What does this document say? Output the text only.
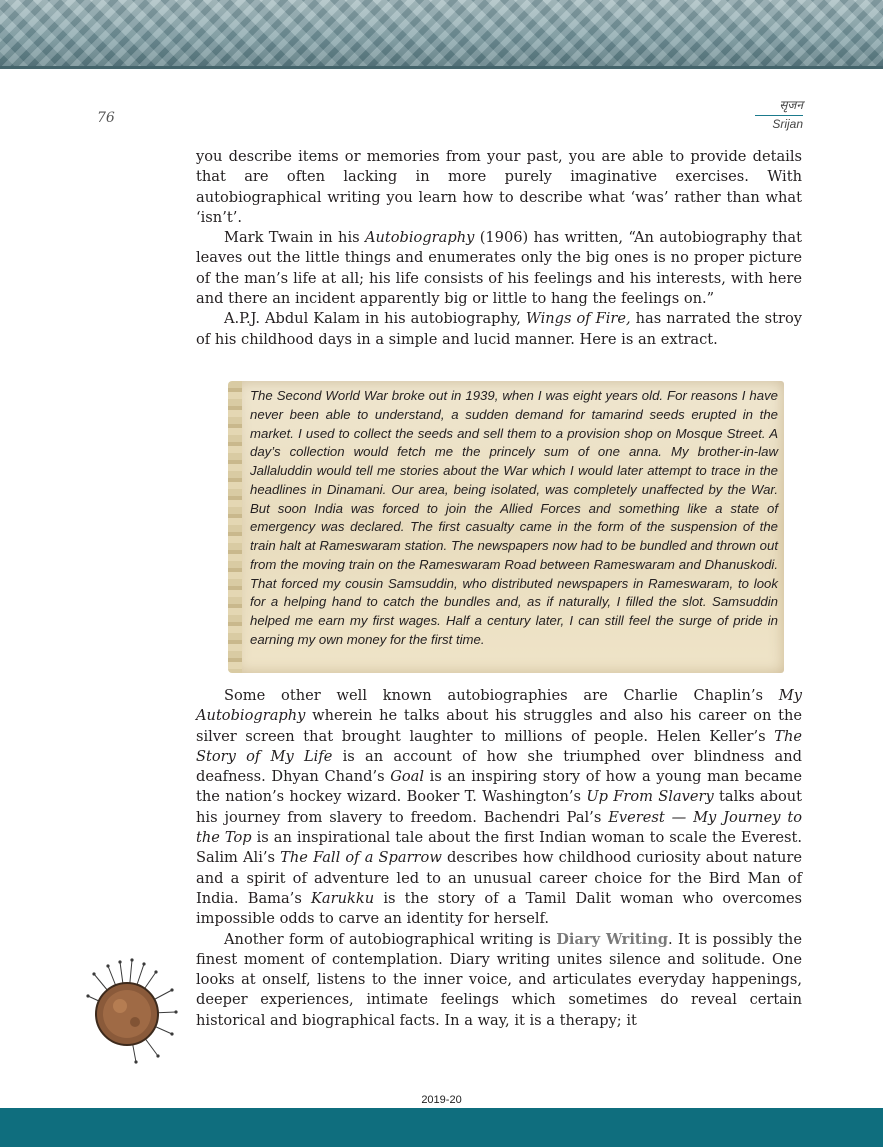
76
सृजन
Srijan

you describe items or memories from your past, you are able to provide details that are often lacking in more purely imaginative exercises. With autobiographical writing you learn how to describe what ‘was’ rather than what ‘isn’t’.

Mark Twain in his Autobiography (1906) has written, “An autobiography that leaves out the little things and enumerates only the big ones is no proper picture of the man’s life at all; his life consists of his feelings and his interests, with here and there an incident apparently big or little to hang the feelings on.”

A.P.J. Abdul Kalam in his autobiography, Wings of Fire, has narrated the stroy of his childhood days in a simple and lucid manner. Here is an extract.

The Second World War broke out in 1939, when I was eight years old. For reasons I have never been able to understand, a sudden demand for tamarind seeds erupted in the market. I used to collect the seeds and sell them to a provision shop on Mosque Street. A day’s collection would fetch me the princely sum of one anna. My brother-in-law Jallaluddin would tell me stories about the War which I would later attempt to trace in the headlines in Dinamani. Our area, being isolated, was completely unaffected by the War. But soon India was forced to join the Allied Forces and something like a state of emergency was declared. The first casualty came in the form of the suspension of the train halt at Rameswaram station. The newspapers now had to be bundled and thrown out from the moving train on the Rameswaram Road between Rameswaram and Dhanuskodi. That forced my cousin Samsuddin, who distributed newspapers in Rameswaram, to look for a helping hand to catch the bundles and, as if naturally, I filled the slot. Samsuddin helped me earn my first wages. Half a century later, I can still feel the surge of pride in earning my own money for the first time.

Some other well known autobiographies are Charlie Chaplin’s My Autobiography wherein he talks about his struggles and also his career on the silver screen that brought laughter to millions of people. Helen Keller’s The Story of My Life is an account of how she triumphed over blindness and deafness. Dhyan Chand’s Goal is an inspiring story of how a young man became the nation’s hockey wizard. Booker T. Washington’s Up From Slavery talks about his journey from slavery to freedom. Bachendri Pal’s Everest — My Journey to the Top is an inspirational tale about the first Indian woman to scale the Everest. Salim Ali’s The Fall of a Sparrow describes how childhood curiosity about nature and a spirit of adventure led to an unusual career choice for the Bird Man of India. Bama’s Karukku is the story of a Tamil Dalit woman who overcomes impossible odds to carve an identity for herself.

Another form of autobiographical writing is Diary Writing. It is possibly the finest moment of contemplation. Diary writing unites silence and solitude. One looks at onself, listens to the inner voice, and articulates everyday happenings, deeper experiences, intimate feelings which sometimes do reveal certain historical and biographical facts. In a way, it is a therapy; it

2019-20
